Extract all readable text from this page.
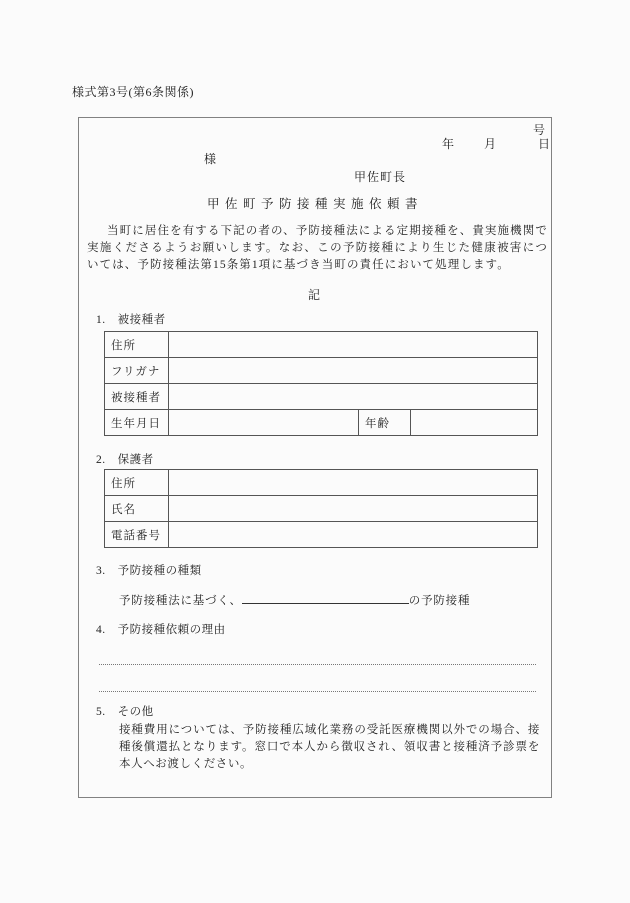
様式第3号(第6条関係)
号
年 月	日
様
甲佐町長
甲佐町予防接種実施依頼書

当町に居住を有する下記の者の、予防接種法による定期接種を、貴実施機関で実施くださるようお願いします。なお、この予防接種により生じた健康被害については、予防接種法第15条第1項に基づき当町の責任において処理します。

記
1.　被接種者
住所			
フリガナ			
被接種者			
生年月日		年齢	
2.　保護者
住所	
氏名	
電話番号	
3.　予防接種の種類
予防接種法に基づく、	の予防接種
4.　予防接種依頼の理由
5.　その他

接種費用については、予防接種広域化業務の受託医療機関以外での場合、接種後償還払となります。窓口で本人から徴収され、領収書と接種済予診票を本人へお渡しください。
